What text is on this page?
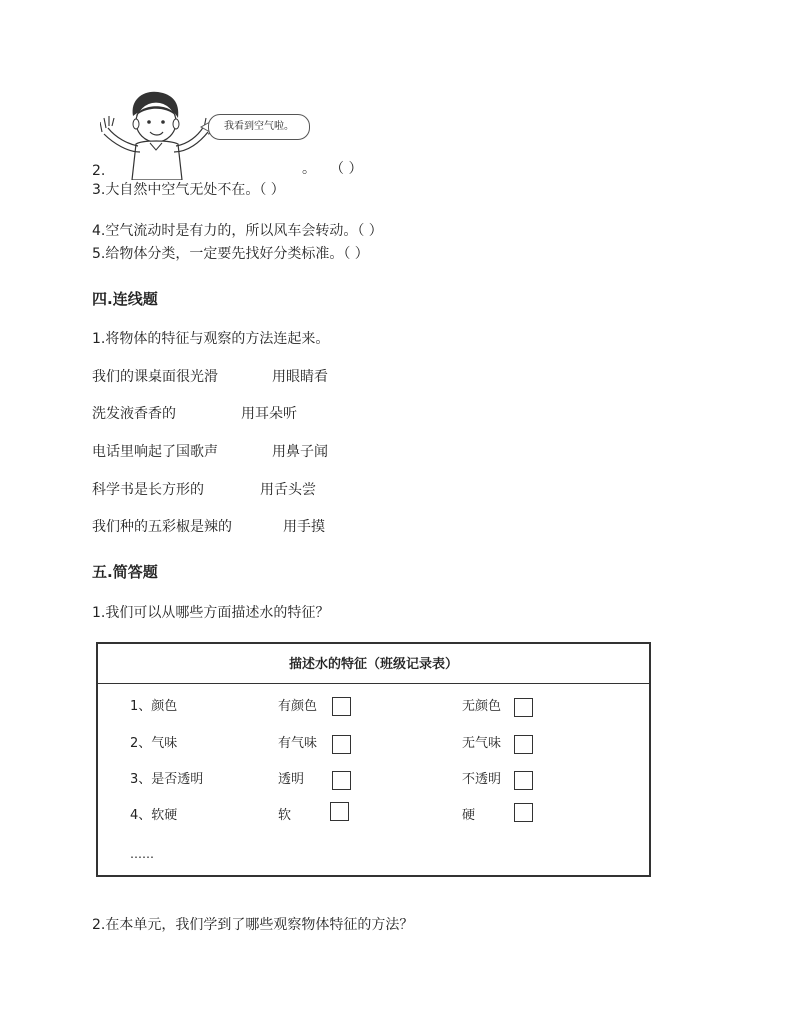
我看到空气啦。
2.	。 （ ）
3.大自然中空气无处不在。（ ）
4.空气流动时是有力的，所以风车会转动。（ ）
5.给物体分类，一定要先找好分类标准。（ ）
四.连线题
1.将物体的特征与观察的方法连起来。
我们的课桌面很光滑	用眼睛看
洗发液香香的	用耳朵听
电话里响起了国歌声	用鼻子闻
科学书是长方形的	用舌头尝
我们种的五彩椒是辣的	用手摸
五.简答题
1.我们可以从哪些方面描述水的特征？
描述水的特征（班级记录表）
1、颜色	有颜色	无颜色
2、气味	有气味	无气味
3、是否透明	透明	不透明
4、软硬	软	硬
……
2.在本单元，我们学到了哪些观察物体特征的方法？
